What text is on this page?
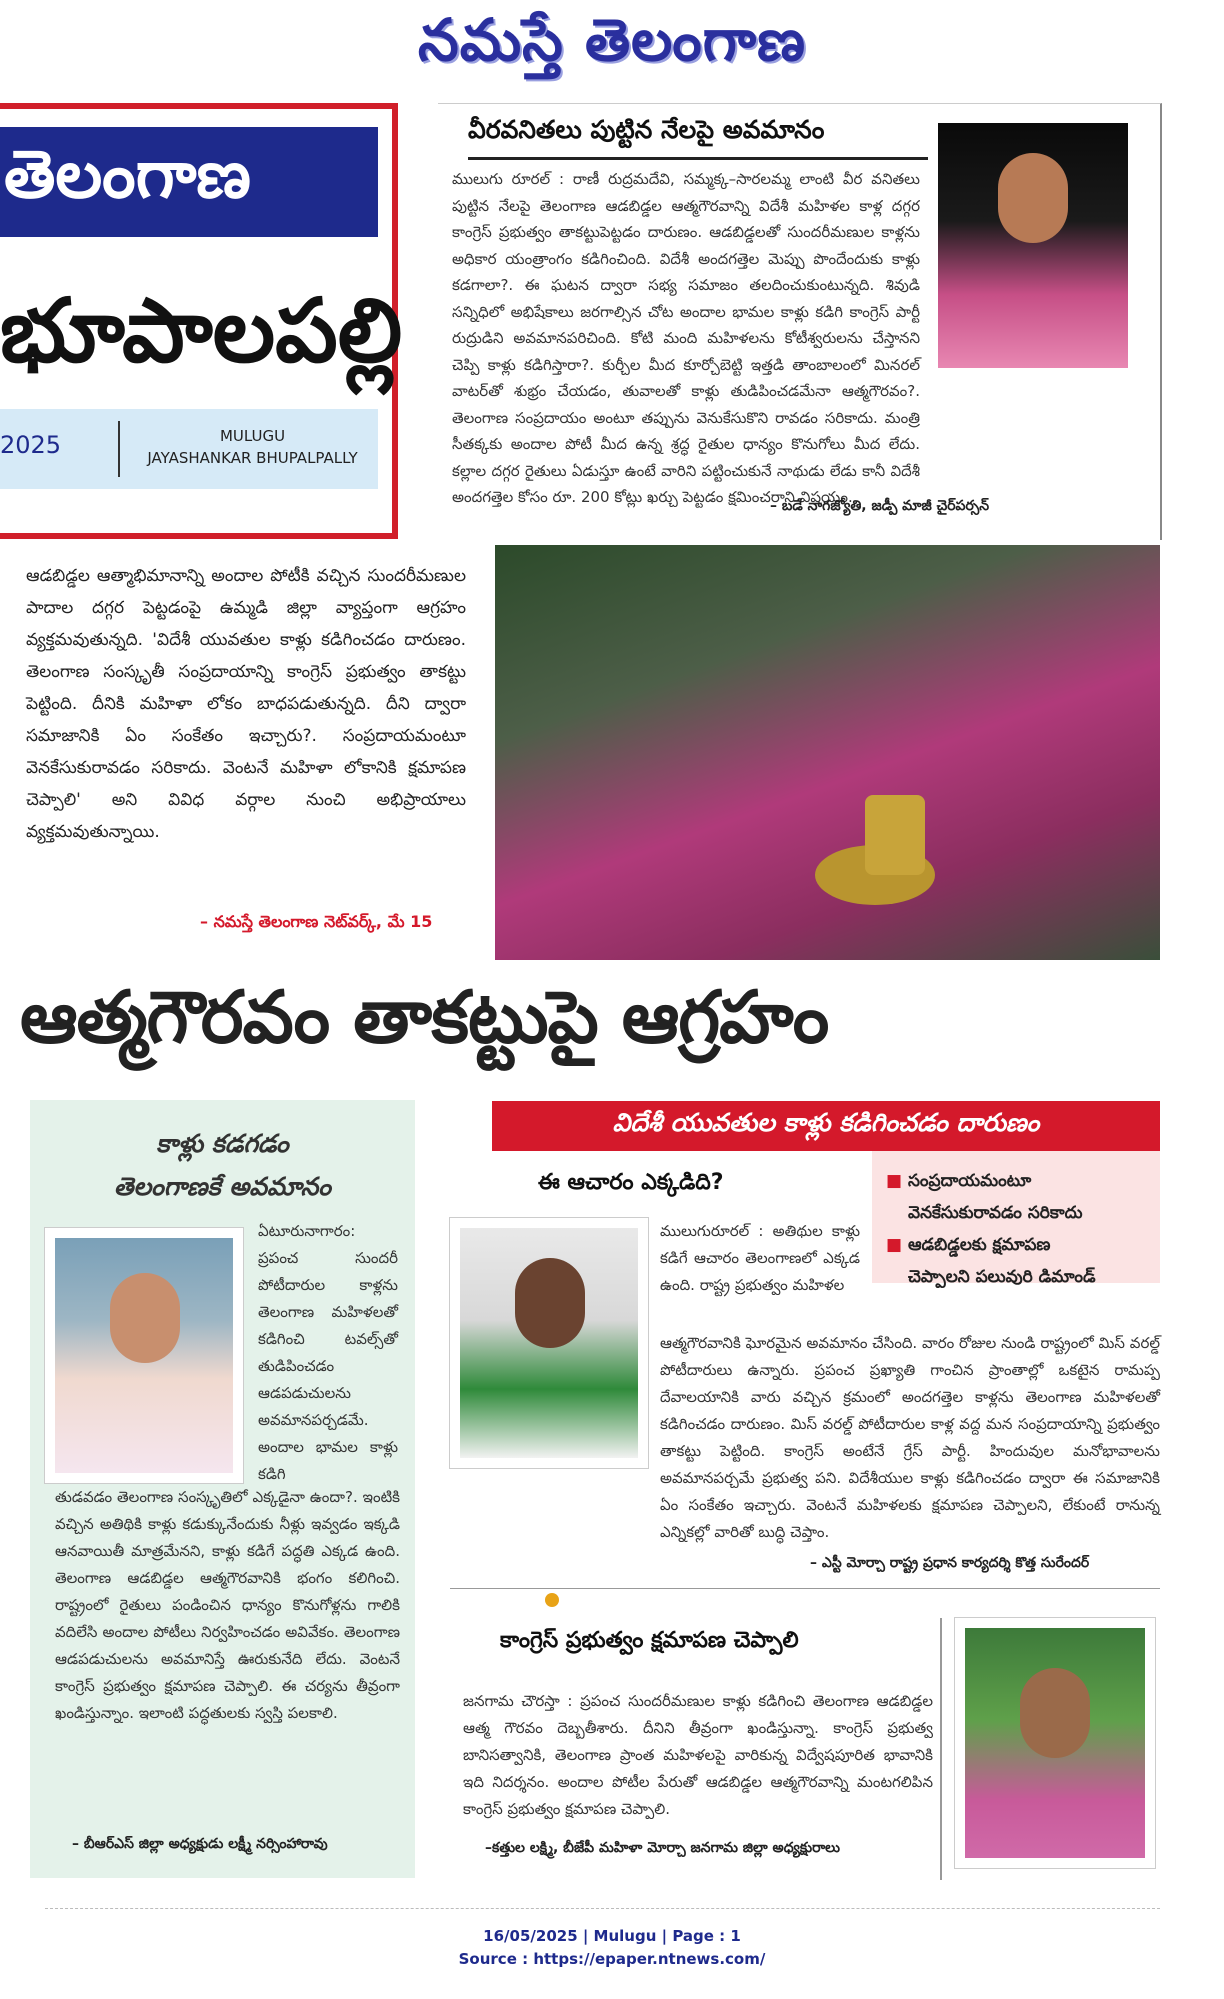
నమస్తే తెలంగాణ
తెలంగాణ
భూపాలపల్లి
2025	MULUGU
JAYASHANKAR BHUPALPALLY
వీరవనితలు పుట్టిన నేలపై అవమానం
ములుగు రూరల్ : రాణీ రుద్రమదేవి, సమ్మక్క–సారలమ్మ లాంటి వీర వనితలు పుట్టిన నేలపై తెలంగాణ ఆడబిడ్డల ఆత్మగౌరవాన్ని విదేశీ మహిళల కాళ్ల దగ్గర కాంగ్రెస్ ప్రభుత్వం తాకట్టుపెట్టడం దారుణం. ఆడబిడ్డలతో సుందరీమణుల కాళ్లను అధికార యంత్రాంగం కడిగించింది. విదేశీ అందగత్తెల మెప్పు పొందేందుకు కాళ్లు కడగాలా?. ఈ ఘటన ద్వారా సభ్య సమాజం తలదించుకుంటున్నది. శివుడి సన్నిధిలో అభిషేకాలు జరగాల్సిన చోట అందాల భామల కాళ్లు కడిగి కాంగ్రెస్ పార్టీ రుద్రుడిని అవమానపరిచింది. కోటి మంది మహిళలను కోటీశ్వరులను చేస్తానని చెప్పి కాళ్లు కడిగిస్తారా?. కుర్చీల మీద కూర్చోబెట్టి ఇత్తడి తాంబాలంలో మినరల్ వాటర్‌తో శుభ్రం చేయడం, తువాలతో కాళ్లు తుడిపించడమేనా ఆత్మగౌరవం?. తెలంగాణ సంప్రదాయం అంటూ తప్పును వెనుకేసుకొని రావడం సరికాదు. మంత్రి సీతక్కకు అందాల పోటీ మీద ఉన్న శ్రద్ధ రైతుల ధాన్యం కొనుగోలు మీద లేదు. కల్లాల దగ్గర రైతులు ఏడుస్తూ ఉంటే వారిని పట్టించుకునే నాథుడు లేడు కానీ విదేశీ అందగత్తెల కోసం రూ. 200 కోట్లు ఖర్చు పెట్టడం క్షమించరాని విషయం.
– బడే నాగజ్యోతి, జడ్పీ మాజీ చైర్‌పర్సన్
ఆడబిడ్డల ఆత్మాభిమానాన్ని అందాల పోటీకి వచ్చిన సుందరీమణుల పాదాల దగ్గర పెట్టడంపై ఉమ్మడి జిల్లా వ్యాప్తంగా ఆగ్రహం వ్యక్తమవుతున్నది. 'విదేశీ యువతుల కాళ్లు కడిగించడం దారుణం. తెలంగాణ సంస్కృతీ సంప్రదాయాన్ని కాంగ్రెస్ ప్రభుత్వం తాకట్టు పెట్టింది. దీనికి మహిళా లోకం బాధపడుతున్నది. దీని ద్వారా సమాజానికి ఏం సంకేతం ఇచ్చారు?. సంప్రదాయమంటూ వెనకేసుకురావడం సరికాదు. వెంటనే మహిళా లోకానికి క్షమాపణ చెప్పాలి' అని వివిధ వర్గాల నుంచి అభిప్రాయాలు వ్యక్తమవుతున్నాయి.
– నమస్తే తెలంగాణ నెట్‌వర్క్, మే 15
ఆత్మగౌరవం తాకట్టుపై ఆగ్రహం
కాళ్లు కడగడం
తెలంగాణకే అవమానం
ఏటూరునాగారం: ప్రపంచ సుందరీ పోటీదారుల కాళ్లను తెలంగాణ మహిళలతో కడిగించి టవల్స్‌తో తుడిపించడం ఆడపడుచులను అవమానపర్చడమే. అందాల భామల కాళ్లు కడిగి
తుడవడం తెలంగాణ సంస్కృతిలో ఎక్కడైనా ఉందా?. ఇంటికి వచ్చిన అతిథికి కాళ్లు కడుక్కునేందుకు నీళ్లు ఇవ్వడం ఇక్కడి ఆనవాయితీ మాత్రమేనని, కాళ్లు కడిగే పద్ధతి ఎక్కడ ఉంది. తెలంగాణ ఆడబిడ్డల ఆత్మగౌరవానికి భంగం కలిగించి. రాష్ట్రంలో రైతులు పండించిన ధాన్యం కొనుగోళ్లను గాలికి వదిలేసి అందాల పోటీలు నిర్వహించడం అవివేకం. తెలంగాణ ఆడపడుచులను అవమానిస్తే ఊరుకునేది లేదు. వెంటనే కాంగ్రెస్ ప్రభుత్వం క్షమాపణ చెప్పాలి. ఈ చర్యను తీవ్రంగా ఖండిస్తున్నాం. ఇలాంటి పద్ధతులకు స్వస్తి పలకాలి.
– బీఆర్‌ఎస్ జిల్లా అధ్యక్షుడు లక్ష్మీ నర్సింహారావు
విదేశీ యువతుల కాళ్లు కడిగించడం దారుణం
■ సంప్రదాయమంటూ
వెనకేసుకురావడం సరికాదు
■ ఆడబిడ్డలకు క్షమాపణ
చెప్పాలని పలువురి డిమాండ్
ఈ ఆచారం ఎక్కడిది?
ములుగురూరల్ : అతిథుల కాళ్లు కడిగే ఆచారం తెలంగాణలో ఎక్కడ ఉంది. రాష్ట్ర ప్రభుత్వం మహిళల
ఆత్మగౌరవానికి ఘోరమైన అవమానం చేసింది. వారం రోజుల నుండి రాష్ట్రంలో మిస్ వరల్డ్ పోటీదారులు ఉన్నారు. ప్రపంచ ప్రఖ్యాతి గాంచిన ప్రాంతాల్లో ఒకటైన రామప్ప దేవాలయానికి వారు వచ్చిన క్రమంలో అందగత్తెల కాళ్లను తెలంగాణ మహిళలతో కడిగించడం దారుణం. మిస్ వరల్డ్ పోటీదారుల కాళ్ల వద్ద మన సంప్రదాయాన్ని ప్రభుత్వం తాకట్టు పెట్టింది. కాంగ్రెస్ అంటేనే గ్రేస్ పార్టీ. హిందువుల మనోభావాలను అవమానపర్చమే ప్రభుత్వ పని. విదేశీయుల కాళ్లు కడిగించడం ద్వారా ఈ సమాజానికి ఏం సంకేతం ఇచ్చారు. వెంటనే మహిళలకు క్షమాపణ చెప్పాలని, లేకుంటే రానున్న ఎన్నికల్లో వారితో బుద్ధి చెప్తాం.
– ఎస్టీ మోర్చా రాష్ట్ర ప్రధాన కార్యదర్శి కొత్త సురేందర్
కాంగ్రెస్ ప్రభుత్వం క్షమాపణ చెప్పాలి
జనగామ చౌరస్తా : ప్రపంచ సుందరీమణుల కాళ్లు కడిగించి తెలంగాణ ఆడబిడ్డల ఆత్మ గౌరవం దెబ్బతీశారు. దీనిని తీవ్రంగా ఖండిస్తున్నా. కాంగ్రెస్ ప్రభుత్వ బానిసత్వానికి, తెలంగాణ ప్రాంత మహిళలపై వారికున్న విద్వేషపూరిత భావానికి ఇది నిదర్శనం. అందాల పోటీల పేరుతో ఆడబిడ్డల ఆత్మగౌరవాన్ని మంటగలిపిన కాంగ్రెస్ ప్రభుత్వం క్షమాపణ చెప్పాలి.
–కత్తుల లక్ష్మి, బీజేపీ మహిళా మోర్చా జనగామ జిల్లా అధ్యక్షురాలు
16/05/2025 | Mulugu | Page : 1
Source : https://epaper.ntnews.com/
